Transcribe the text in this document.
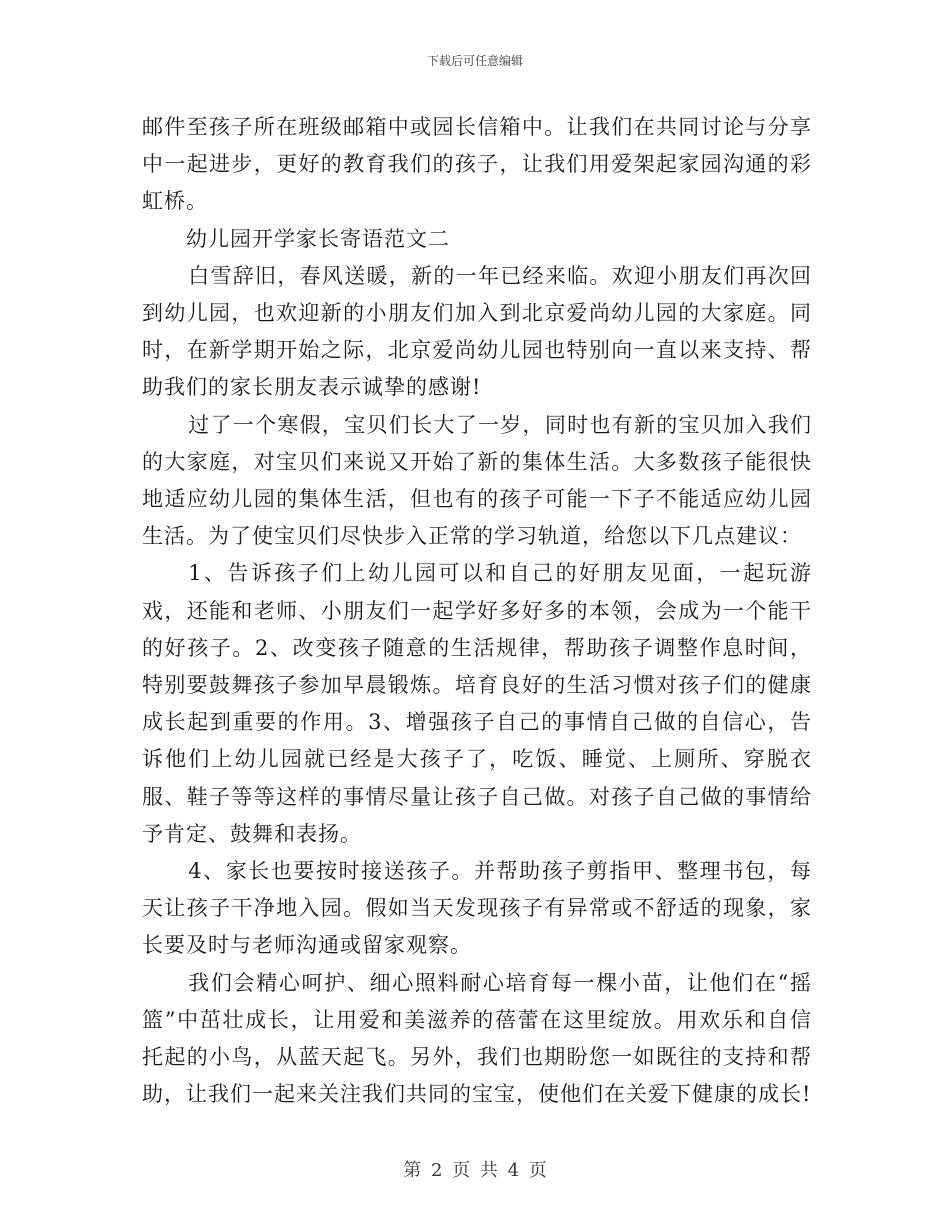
下载后可任意编辑

邮件至孩子所在班级邮箱中或园长信箱中。让我们在共同讨论与分享中一起进步，更好的教育我们的孩子，让我们用爱架起家园沟通的彩虹桥。

幼儿园开学家长寄语范文二

白雪辞旧，春风送暖，新的一年已经来临。欢迎小朋友们再次回到幼儿园，也欢迎新的小朋友们加入到北京爱尚幼儿园的大家庭。同时，在新学期开始之际，北京爱尚幼儿园也特别向一直以来支持、帮助我们的家长朋友表示诚挚的感谢!

过了一个寒假，宝贝们长大了一岁，同时也有新的宝贝加入我们的大家庭，对宝贝们来说又开始了新的集体生活。大多数孩子能很快地适应幼儿园的集体生活，但也有的孩子可能一下子不能适应幼儿园生活。为了使宝贝们尽快步入正常的学习轨道，给您以下几点建议：

1、告诉孩子们上幼儿园可以和自己的好朋友见面，一起玩游戏，还能和老师、小朋友们一起学好多好多的本领，会成为一个能干的好孩子。2、改变孩子随意的生活规律，帮助孩子调整作息时间，特别要鼓舞孩子参加早晨锻炼。培育良好的生活习惯对孩子们的健康成长起到重要的作用。3、增强孩子自己的事情自己做的自信心，告诉他们上幼儿园就已经是大孩子了，吃饭、睡觉、上厕所、穿脱衣服、鞋子等等这样的事情尽量让孩子自己做。对孩子自己做的事情给予肯定、鼓舞和表扬。

4、家长也要按时接送孩子。并帮助孩子剪指甲、整理书包，每天让孩子干净地入园。假如当天发现孩子有异常或不舒适的现象，家长要及时与老师沟通或留家观察。

我们会精心呵护、细心照料耐心培育每一棵小苗，让他们在“摇篮”中茁壮成长，让用爱和美滋养的蓓蕾在这里绽放。用欢乐和自信托起的小鸟，从蓝天起飞。另外，我们也期盼您一如既往的支持和帮助，让我们一起来关注我们共同的宝宝，使他们在关爱下健康的成长!

第 2 页 共 4 页
